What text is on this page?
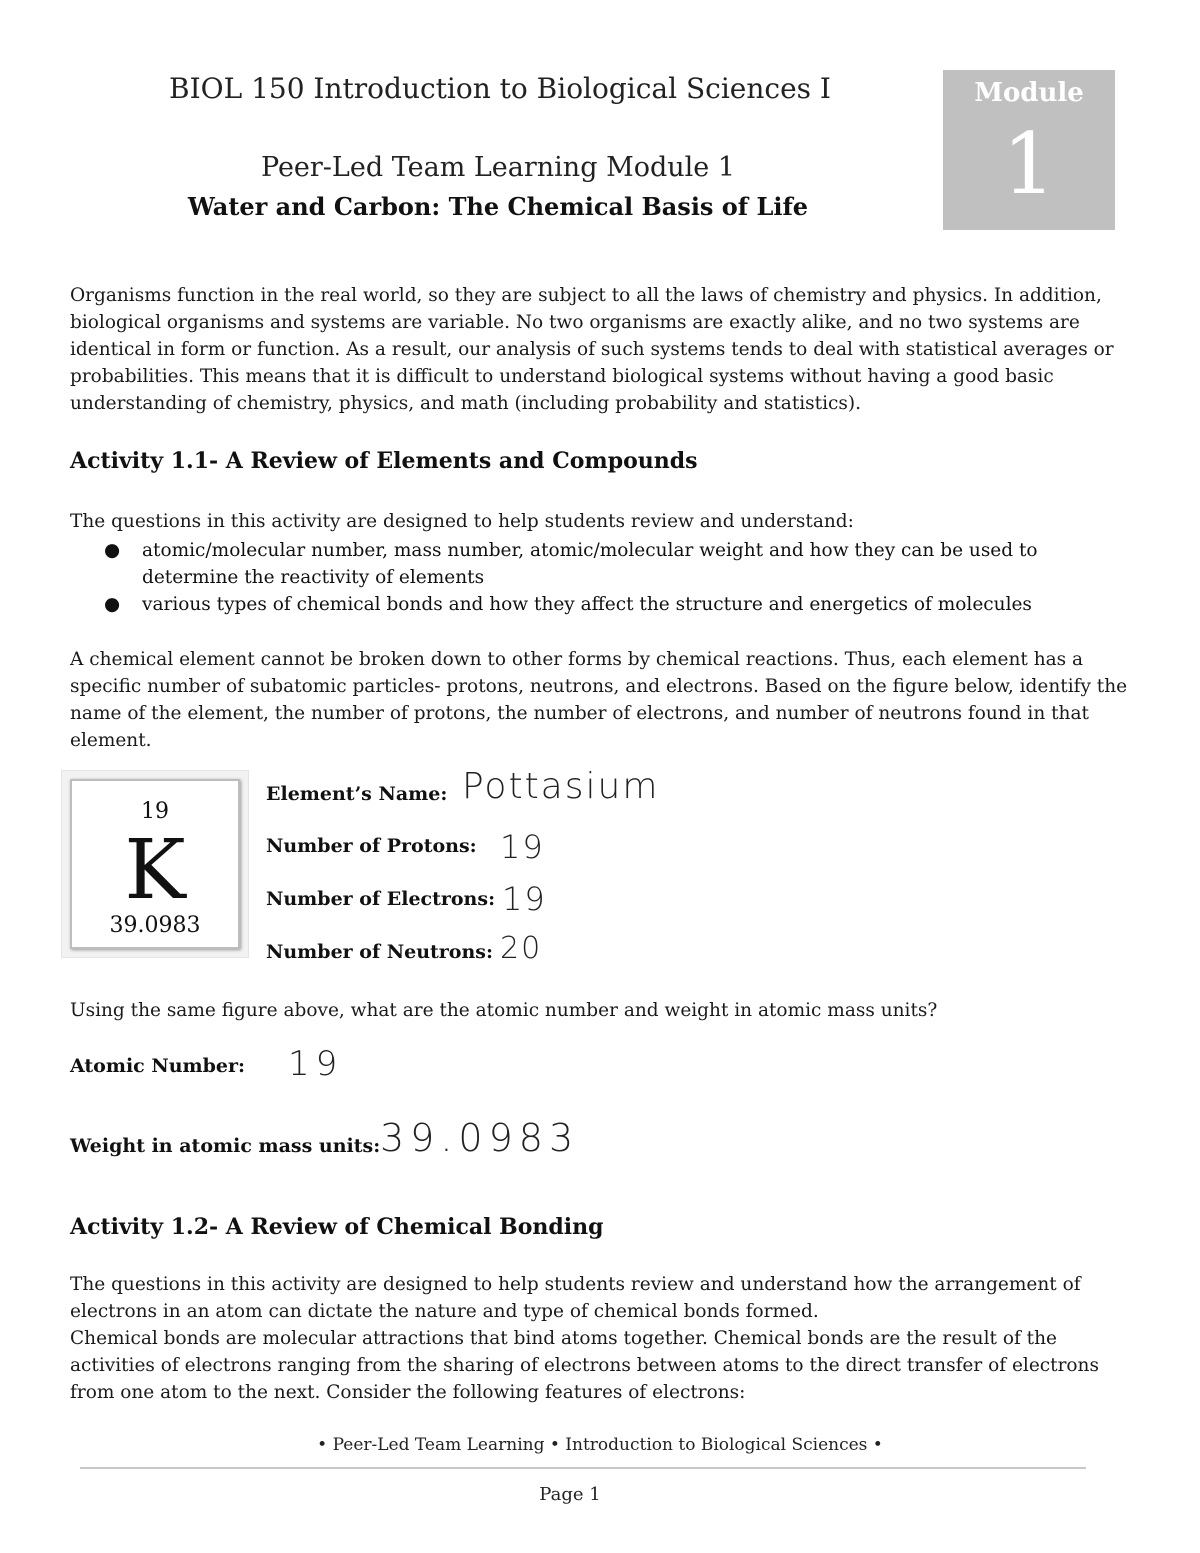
BIOL 150 Introduction to Biological Sciences I
Peer-Led Team Learning Module 1
Water and Carbon: The Chemical Basis of Life
Module
1

Organisms function in the real world, so they are subject to all the laws of chemistry and physics. In addition, biological organisms and systems are variable. No two organisms are exactly alike, and no two systems are identical in form or function. As a result, our analysis of such systems tends to deal with statistical averages or probabilities. This means that it is difficult to understand biological systems without having a good basic understanding of chemistry, physics, and math (including probability and statistics).

Activity 1.1- A Review of Elements and Compounds

The questions in this activity are designed to help students review and understand:

● atomic/molecular number, mass number, atomic/molecular weight and how they can be used to determine the reactivity of elements
● various types of chemical bonds and how they affect the structure and energetics of molecules

A chemical element cannot be broken down to other forms by chemical reactions. Thus, each element has a specific number of subatomic particles- protons, neutrons, and electrons. Based on the figure below, identify the name of the element, the number of protons, the number of electrons, and number of neutrons found in that element.

19
K
39.0983
Element’s Name: Pottasium
Number of Protons: 19
Number of Electrons: 19
Number of Neutrons: 20

Using the same figure above, what are the atomic number and weight in atomic mass units?

Atomic Number: 19
Weight in atomic mass units: 39.0983
Activity 1.2- A Review of Chemical Bonding

The questions in this activity are designed to help students review and understand how the arrangement of electrons in an atom can dictate the nature and type of chemical bonds formed.

Chemical bonds are molecular attractions that bind atoms together. Chemical bonds are the result of the activities of electrons ranging from the sharing of electrons between atoms to the direct transfer of electrons from one atom to the next. Consider the following features of electrons:

• Peer-Led Team Learning • Introduction to Biological Sciences •
Page 1
